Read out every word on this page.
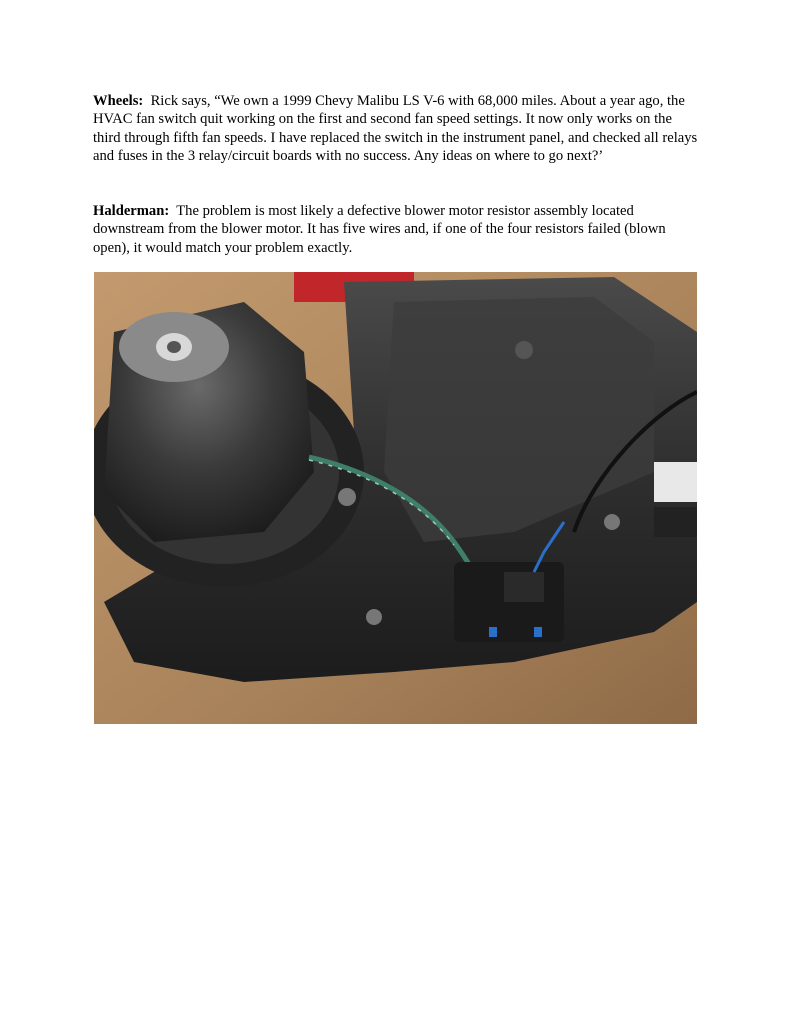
Wheels: Rick says, “We own a 1999 Chevy Malibu LS V-6 with 68,000 miles. About a year ago, the HVAC fan switch quit working on the first and second fan speed settings. It now only works on the third through fifth fan speeds. I have replaced the switch in the instrument panel, and checked all relays and fuses in the 3 relay/circuit boards with no success. Any ideas on where to go next?’
Halderman: The problem is most likely a defective blower motor resistor assembly located downstream from the blower motor. It has five wires and, if one of the four resistors failed (blown open), it would match your problem exactly.
